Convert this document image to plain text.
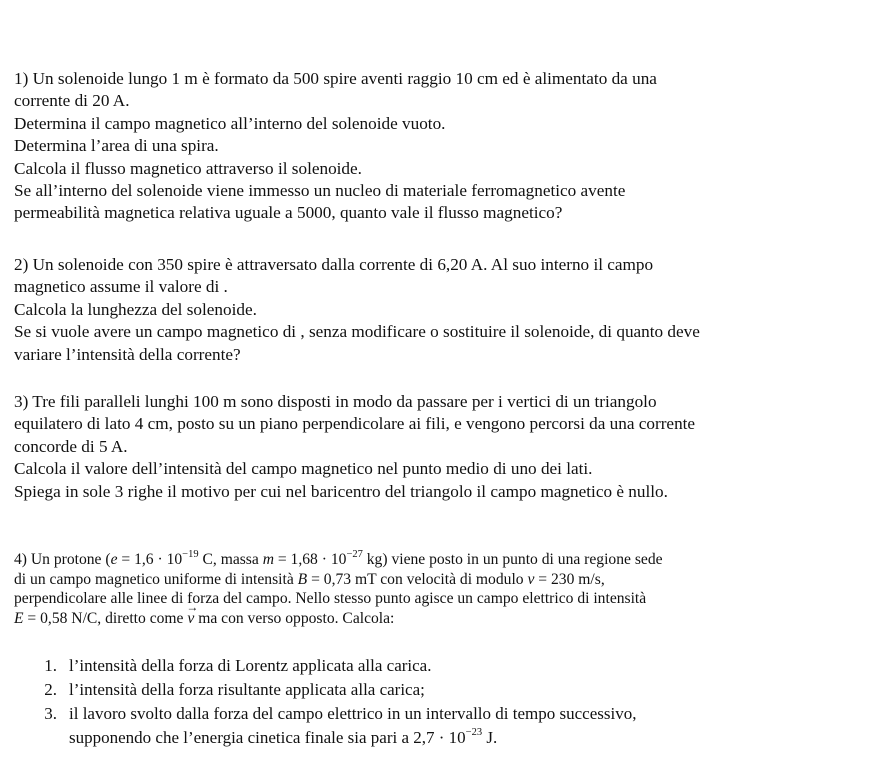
1) Un solenoide lungo 1 m è formato da 500 spire aventi raggio 10 cm ed è alimentato da una
corrente di 20 A.
Determina il campo magnetico all’interno del solenoide vuoto.
Determina l’area di una spira.
Calcola il flusso magnetico attraverso il solenoide.
Se all’interno del solenoide viene immesso un nucleo di materiale ferromagnetico avente
permeabilità magnetica relativa uguale a 5000, quanto vale il flusso magnetico?
2) Un solenoide con 350 spire è attraversato dalla corrente di 6,20 A. Al suo interno il campo
magnetico assume il valore di .
Calcola la lunghezza del solenoide.
Se si vuole avere un campo magnetico di , senza modificare o sostituire il solenoide, di quanto deve
variare l’intensità della corrente?
3) Tre fili paralleli lunghi 100 m sono disposti in modo da passare per i vertici di un triangolo
equilatero di lato 4 cm, posto su un piano perpendicolare ai fili, e vengono percorsi da una corrente
concorde di 5 A.
Calcola il valore dell’intensità del campo magnetico nel punto medio di uno dei lati.
Spiega in sole 3 righe il motivo per cui nel baricentro del triangolo il campo magnetico è nullo.
4) Un protone ($e = 1,6 \cdot 10^{-19}$ C, massa $m = 1,68 \cdot 10^{-27}$ kg) viene posto in un punto di una regione sede
di un campo magnetico uniforme di intensità B = 0,73 mT con velocità di modulo v = 230 m/s,
perpendicolare alle linee di forza del campo. Nello stesso punto agisce un campo elettrico di intensità
E = 0,58 N/C, diretto come → v ma con verso opposto. Calcola:
1. l’intensità della forza di Lorentz applicata alla carica.
2. l’intensità della forza risultante applicata alla carica;
3. il lavoro svolto dalla forza del campo elettrico in un intervallo di tempo successivo,
supponendo che l’energia cinetica finale sia pari a $2,7 \cdot 10^{-23}$ J.
